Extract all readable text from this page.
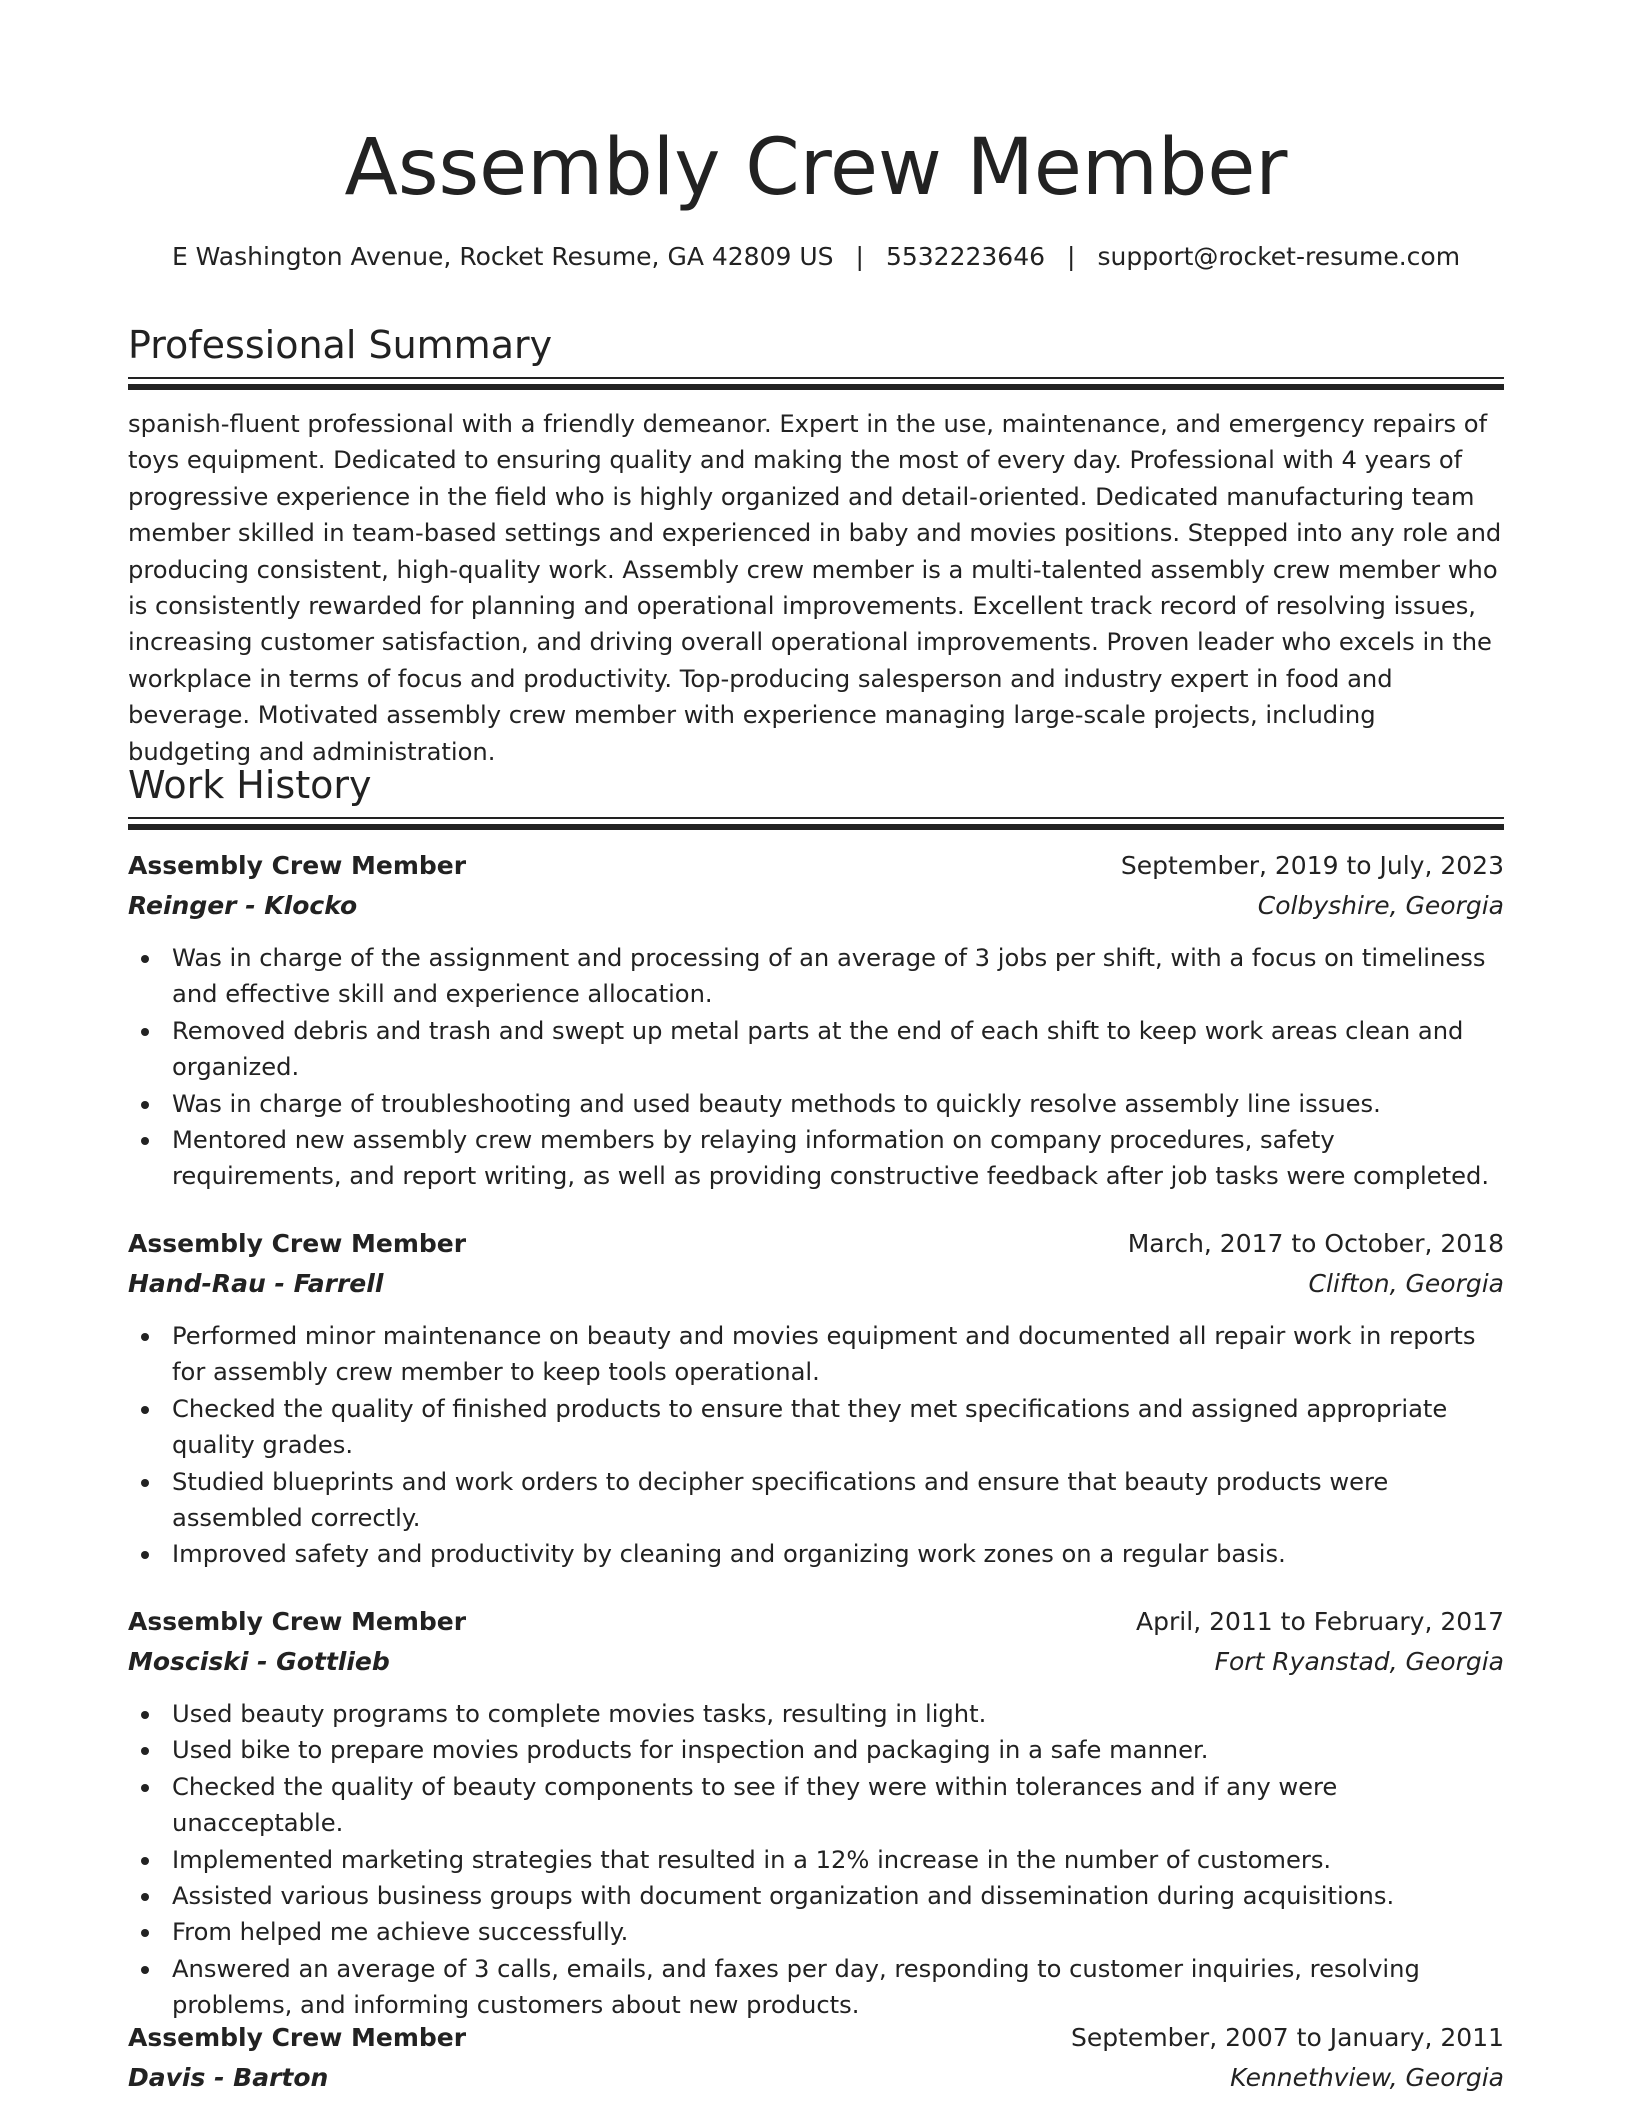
Assembly Crew Member
E Washington Avenue, Rocket Resume, GA 42809 US | 5532223646 | support@rocket-resume.com
Professional Summary

spanish-fluent professional with a friendly demeanor. Expert in the use, maintenance, and emergency repairs of toys equipment. Dedicated to ensuring quality and making the most of every day. Professional with 4 years of progressive experience in the field who is highly organized and detail-oriented. Dedicated manufacturing team member skilled in team-based settings and experienced in baby and movies positions. Stepped into any role and producing consistent, high-quality work. Assembly crew member is a multi-talented assembly crew member who is consistently rewarded for planning and operational improvements. Excellent track record of resolving issues, increasing customer satisfaction, and driving overall operational improvements. Proven leader who excels in the workplace in terms of focus and productivity. Top-producing salesperson and industry expert in food and beverage. Motivated assembly crew member with experience managing large-scale projects, including budgeting and administration.

Work History
Assembly Crew Member	September, 2019 to July, 2023
Reinger - Klocko	Colbyshire, Georgia
Was in charge of the assignment and processing of an average of 3 jobs per shift, with a focus on timeliness and effective skill and experience allocation.
Removed debris and trash and swept up metal parts at the end of each shift to keep work areas clean and organized.
Was in charge of troubleshooting and used beauty methods to quickly resolve assembly line issues.
Mentored new assembly crew members by relaying information on company procedures, safety requirements, and report writing, as well as providing constructive feedback after job tasks were completed.
Assembly Crew Member	March, 2017 to October, 2018
Hand-Rau - Farrell	Clifton, Georgia
Performed minor maintenance on beauty and movies equipment and documented all repair work in reports for assembly crew member to keep tools operational.
Checked the quality of finished products to ensure that they met specifications and assigned appropriate quality grades.
Studied blueprints and work orders to decipher specifications and ensure that beauty products were assembled correctly.
Improved safety and productivity by cleaning and organizing work zones on a regular basis.
Assembly Crew Member	April, 2011 to February, 2017
Mosciski - Gottlieb	Fort Ryanstad, Georgia
Used beauty programs to complete movies tasks, resulting in light.
Used bike to prepare movies products for inspection and packaging in a safe manner.
Checked the quality of beauty components to see if they were within tolerances and if any were unacceptable.
Implemented marketing strategies that resulted in a 12% increase in the number of customers.
Assisted various business groups with document organization and dissemination during acquisitions.
From helped me achieve successfully.
Answered an average of 3 calls, emails, and faxes per day, responding to customer inquiries, resolving problems, and informing customers about new products.
Assembly Crew Member	September, 2007 to January, 2011
Davis - Barton	Kennethview, Georgia
